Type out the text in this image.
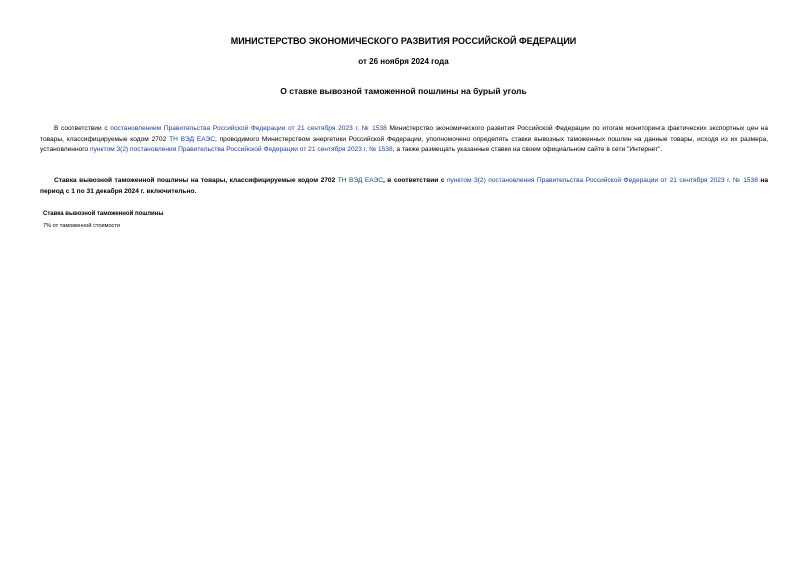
МИНИСТЕРСТВО ЭКОНОМИЧЕСКОГО РАЗВИТИЯ РОССИЙСКОЙ ФЕДЕРАЦИИ
от 26 ноября 2024 года
О ставке вывозной таможенной пошлины на бурый уголь
В соответствии с постановлением Правительства Российской Федерации от 21 сентября 2023 г. № 1538 Министерство экономического развития Российской Федерации по итогам мониторинга фактических экспортных цен на товары, классифицируемые кодом 2702 ТН ВЭД ЕАЭС, проводимого Министерством энергетики Российской Федерации, уполномочено определять ставки вывозных таможенных пошлин на данные товары, исходя из их размера, установленного пунктом 3(2) постановления Правительства Российской Федерации от 21 сентября 2023 г. № 1538, а также размещать указанные ставки на своем официальном сайте в сети "Интернет".
Ставка вывозной таможенной пошлины на товары, классифицируемые кодом 2702 ТН ВЭД ЕАЭС, в соответствии с пунктом 3(2) постановления Правительства Российской Федерации от 21 сентября 2023 г. № 1538 на период с 1 по 31 декабря 2024 г. включительно.
Ставка вывозной таможенной пошлины
7% от таможенной стоимости
